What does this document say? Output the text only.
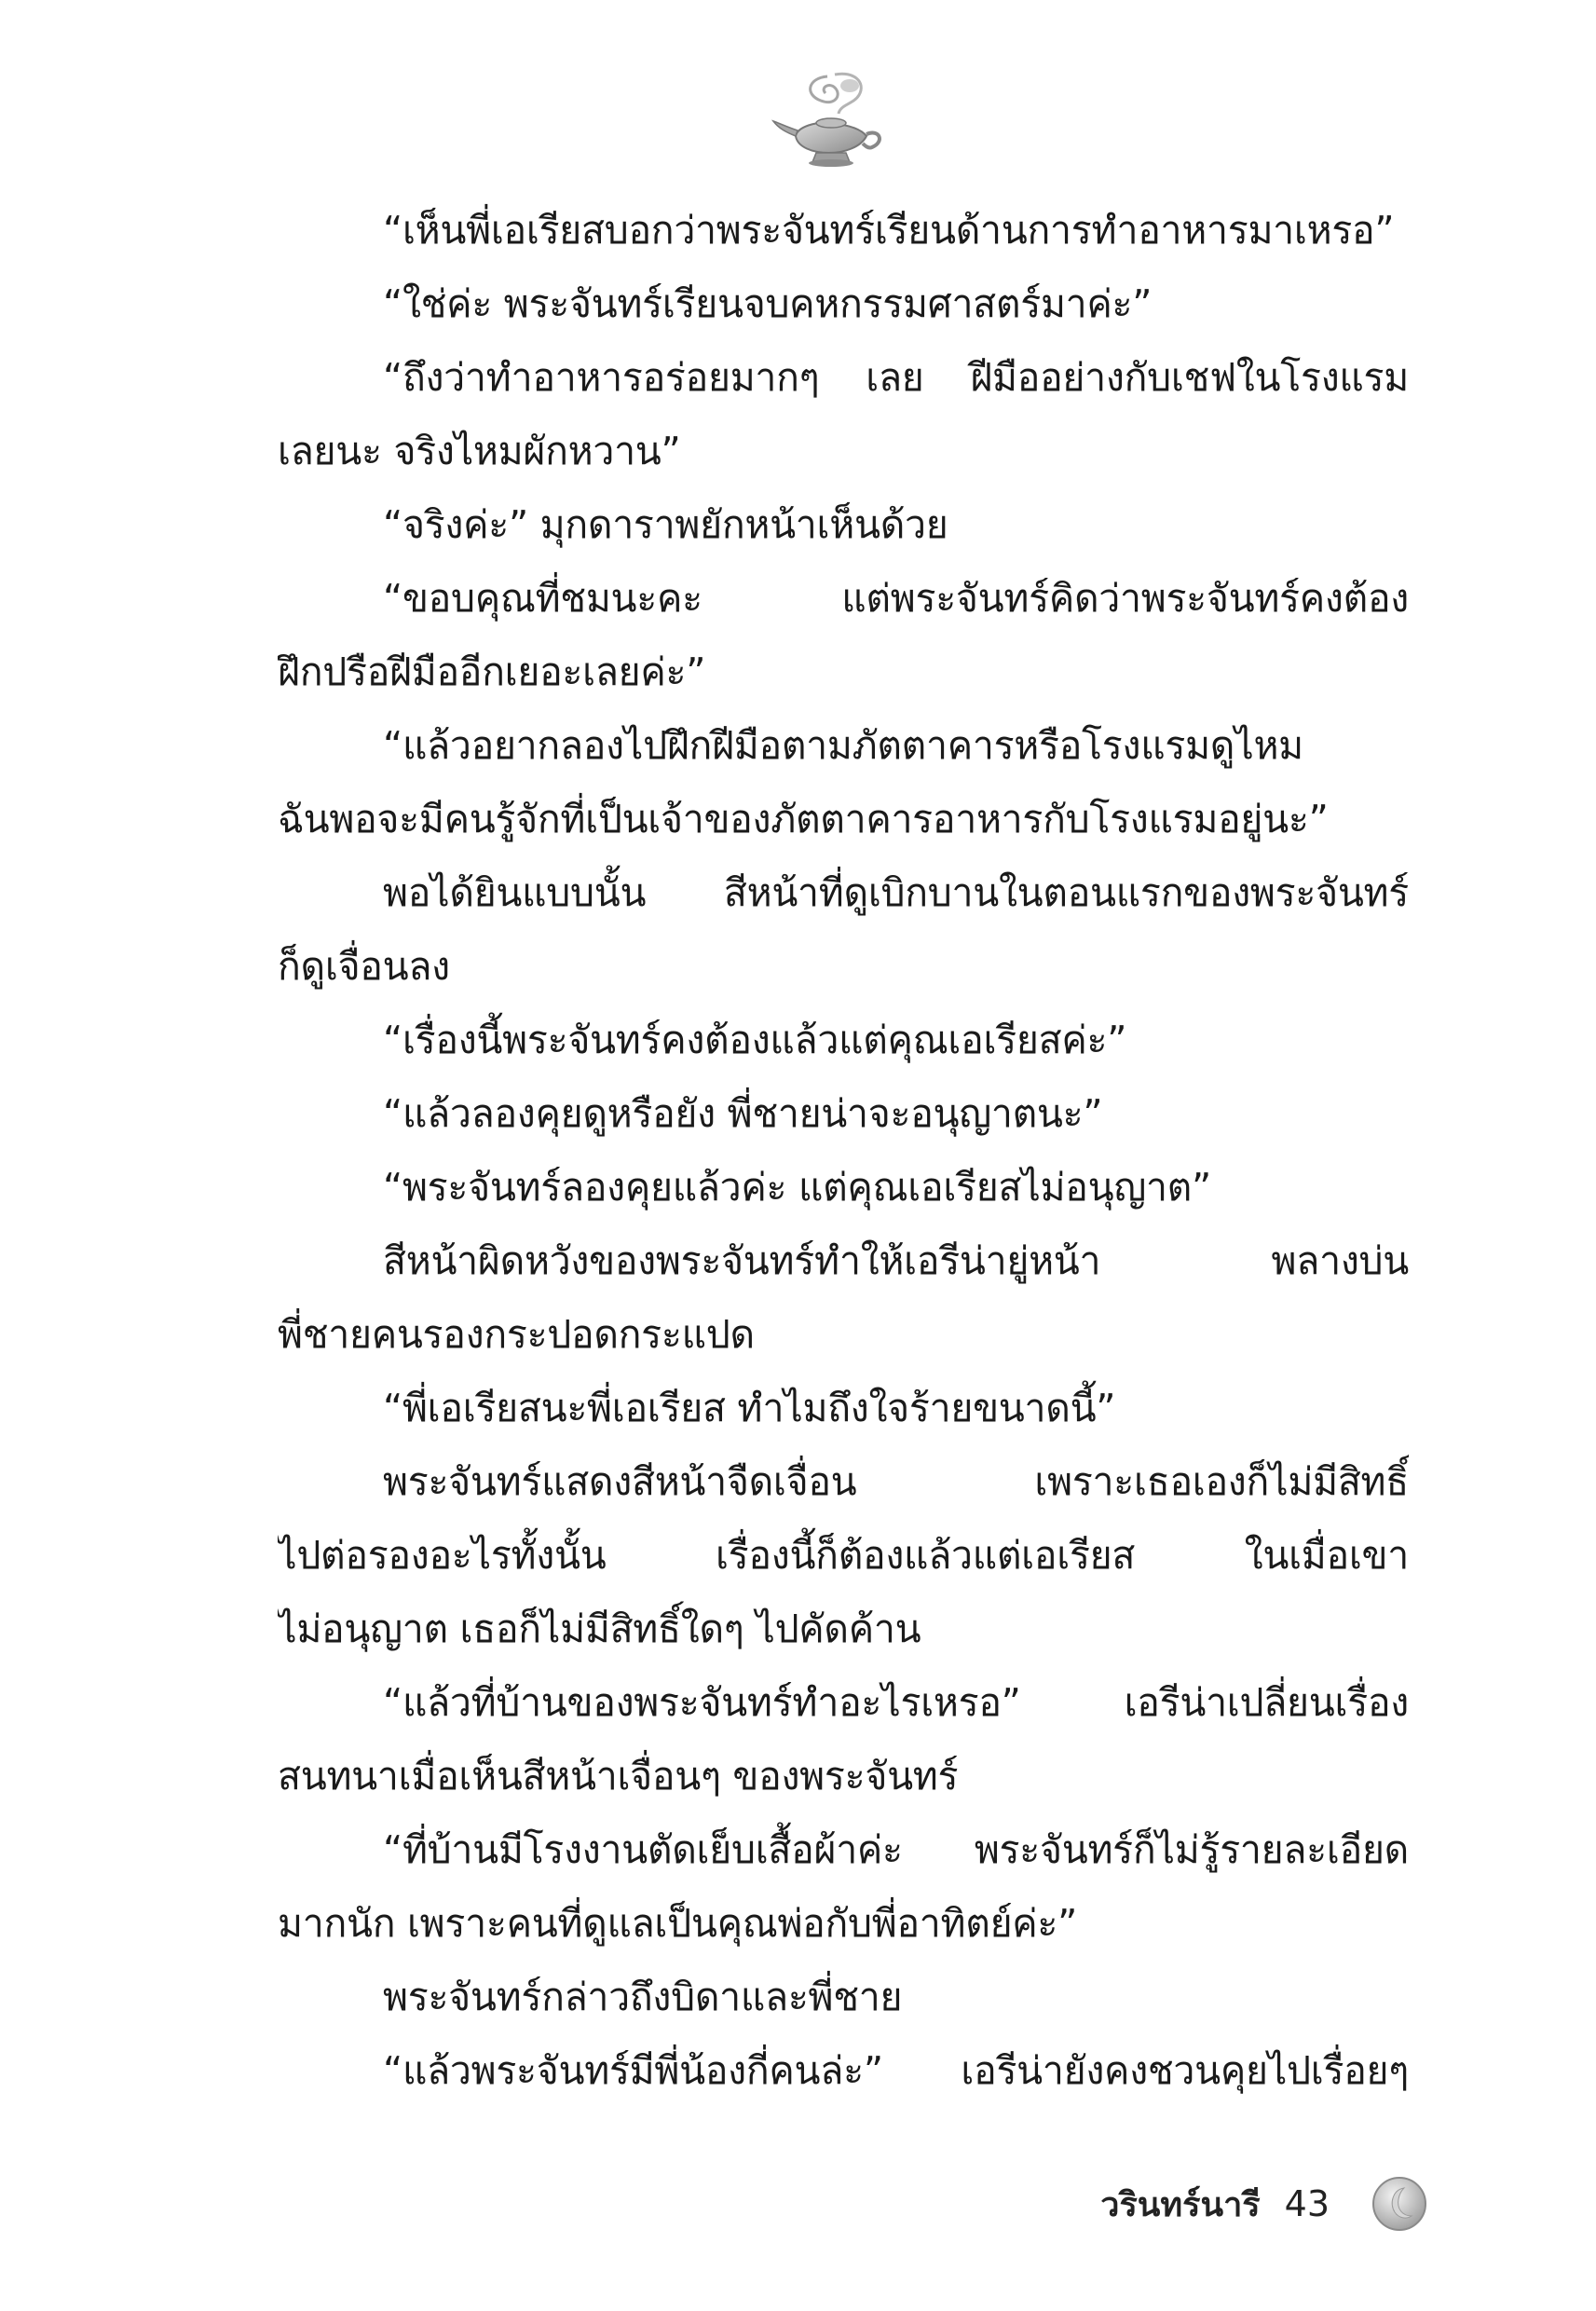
“เห็นพี่เอเรียสบอกว่าพระจันทร์เรียนด้านการทำอาหารมาเหรอ”
“ใช่ค่ะ พระจันทร์เรียนจบคหกรรมศาสตร์มาค่ะ”
“ถึงว่าทำอาหารอร่อยมากๆ เลย ฝีมืออย่างกับเชฟในโรงแรม
เลยนะ จริงไหมผักหวาน”
“จริงค่ะ” มุกดาราพยักหน้าเห็นด้วย
“ขอบคุณที่ชมนะคะ แต่พระจันทร์คิดว่าพระจันทร์คงต้อง
ฝึกปรือฝีมืออีกเยอะเลยค่ะ”
“แล้วอยากลองไปฝึกฝีมือตามภัตตาคารหรือโรงแรมดูไหม
ฉันพอจะมีคนรู้จักที่เป็นเจ้าของภัตตาคารอาหารกับโรงแรมอยู่นะ”
พอได้ยินแบบนั้น สีหน้าที่ดูเบิกบานในตอนแรกของพระจันทร์
ก็ดูเจื่อนลง
“เรื่องนี้พระจันทร์คงต้องแล้วแต่คุณเอเรียสค่ะ”
“แล้วลองคุยดูหรือยัง พี่ชายน่าจะอนุญาตนะ”
“พระจันทร์ลองคุยแล้วค่ะ แต่คุณเอเรียสไม่อนุญาต”
สีหน้าผิดหวังของพระจันทร์ทำให้เอรีน่ายู่หน้า พลางบ่น
พี่ชายคนรองกระปอดกระแปด
“พี่เอเรียสนะพี่เอเรียส ทำไมถึงใจร้ายขนาดนี้”
พระจันทร์แสดงสีหน้าจืดเจื่อน เพราะเธอเองก็ไม่มีสิทธิ์
ไปต่อรองอะไรทั้งนั้น เรื่องนี้ก็ต้องแล้วแต่เอเรียส ในเมื่อเขา
ไม่อนุญาต เธอก็ไม่มีสิทธิ์ใดๆ ไปคัดค้าน
“แล้วที่บ้านของพระจันทร์ทำอะไรเหรอ” เอรีน่าเปลี่ยนเรื่อง
สนทนาเมื่อเห็นสีหน้าเจื่อนๆ ของพระจันทร์
“ที่บ้านมีโรงงานตัดเย็บเสื้อผ้าค่ะ พระจันทร์ก็ไม่รู้รายละเอียด
มากนัก เพราะคนที่ดูแลเป็นคุณพ่อกับพี่อาทิตย์ค่ะ”
พระจันทร์กล่าวถึงบิดาและพี่ชาย
“แล้วพระจันทร์มีพี่น้องกี่คนล่ะ” เอรีน่ายังคงชวนคุยไปเรื่อยๆ
วรินทร์นารี 43
